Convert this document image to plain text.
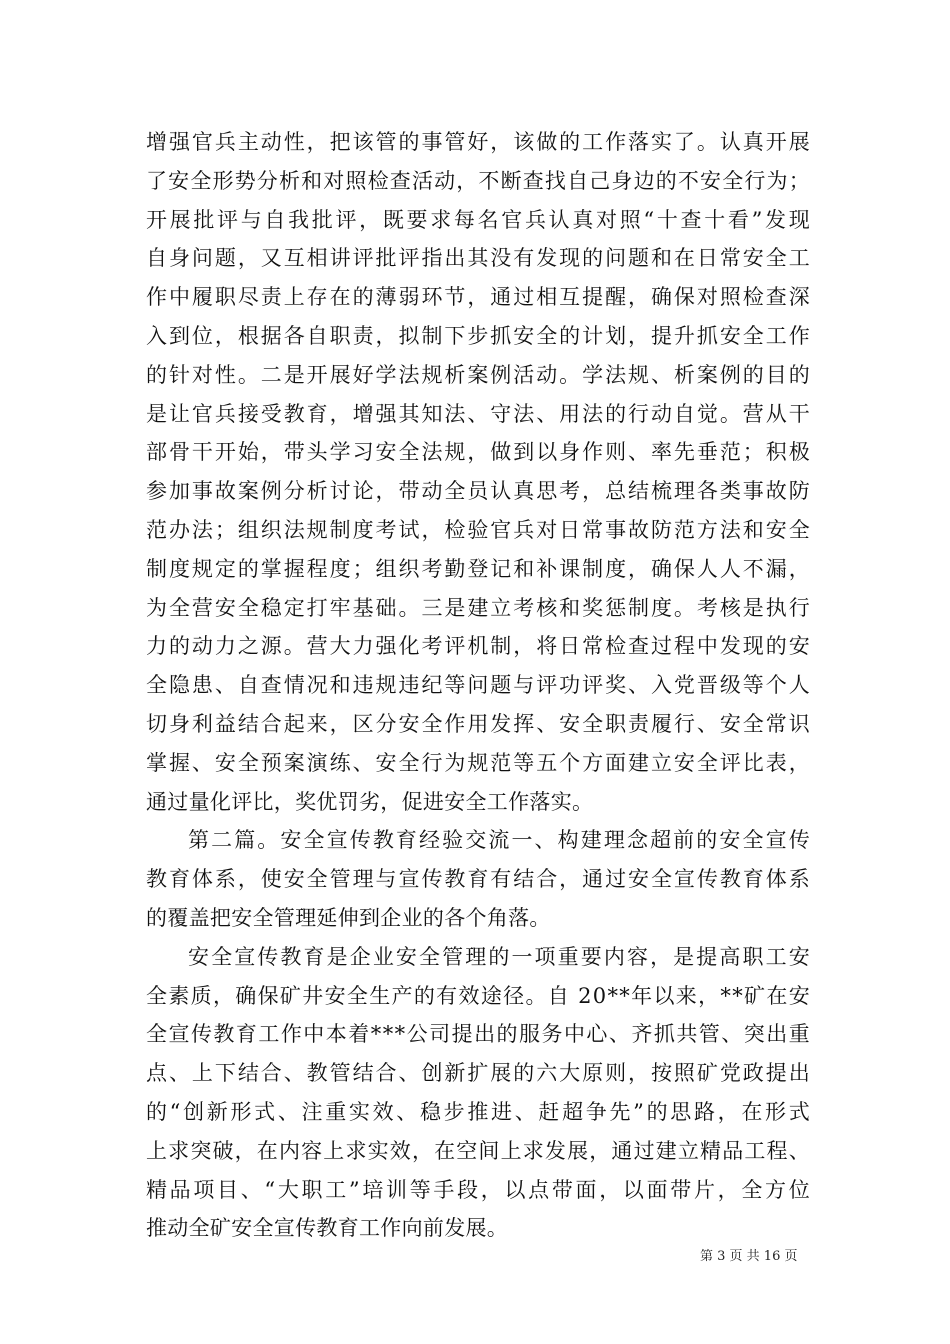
增强官兵主动性，把该管的事管好，该做的工作落实了。认真开展
了安全形势分析和对照检查活动，不断查找自己身边的不安全行为；
开展批评与自我批评，既要求每名官兵认真对照“十查十看”发现
自身问题，又互相讲评批评指出其没有发现的问题和在日常安全工
作中履职尽责上存在的薄弱环节，通过相互提醒，确保对照检查深
入到位，根据各自职责，拟制下步抓安全的计划，提升抓安全工作
的针对性。二是开展好学法规析案例活动。学法规、析案例的目的
是让官兵接受教育，增强其知法、守法、用法的行动自觉。营从干
部骨干开始，带头学习安全法规，做到以身作则、率先垂范；积极
参加事故案例分析讨论，带动全员认真思考，总结梳理各类事故防
范办法；组织法规制度考试，检验官兵对日常事故防范方法和安全
制度规定的掌握程度；组织考勤登记和补课制度，确保人人不漏，
为全营安全稳定打牢基础。三是建立考核和奖惩制度。考核是执行
力的动力之源。营大力强化考评机制，将日常检查过程中发现的安
全隐患、自查情况和违规违纪等问题与评功评奖、入党晋级等个人
切身利益结合起来，区分安全作用发挥、安全职责履行、安全常识
掌握、安全预案演练、安全行为规范等五个方面建立安全评比表，
通过量化评比，奖优罚劣，促进安全工作落实。
第二篇。安全宣传教育经验交流一、构建理念超前的安全宣传
教育体系，使安全管理与宣传教育有结合，通过安全宣传教育体系
的覆盖把安全管理延伸到企业的各个角落。
安全宣传教育是企业安全管理的一项重要内容，是提高职工安
全素质，确保矿井安全生产的有效途径。自 20**年以来，**矿在安
全宣传教育工作中本着***公司提出的服务中心、齐抓共管、突出重
点、上下结合、教管结合、创新扩展的六大原则，按照矿党政提出
的“创新形式、注重实效、稳步推进、赶超争先”的思路，在形式
上求突破，在内容上求实效，在空间上求发展，通过建立精品工程、
精品项目、“大职工”培训等手段，以点带面，以面带片，全方位
推动全矿安全宣传教育工作向前发展。
第 3 页 共 16 页
